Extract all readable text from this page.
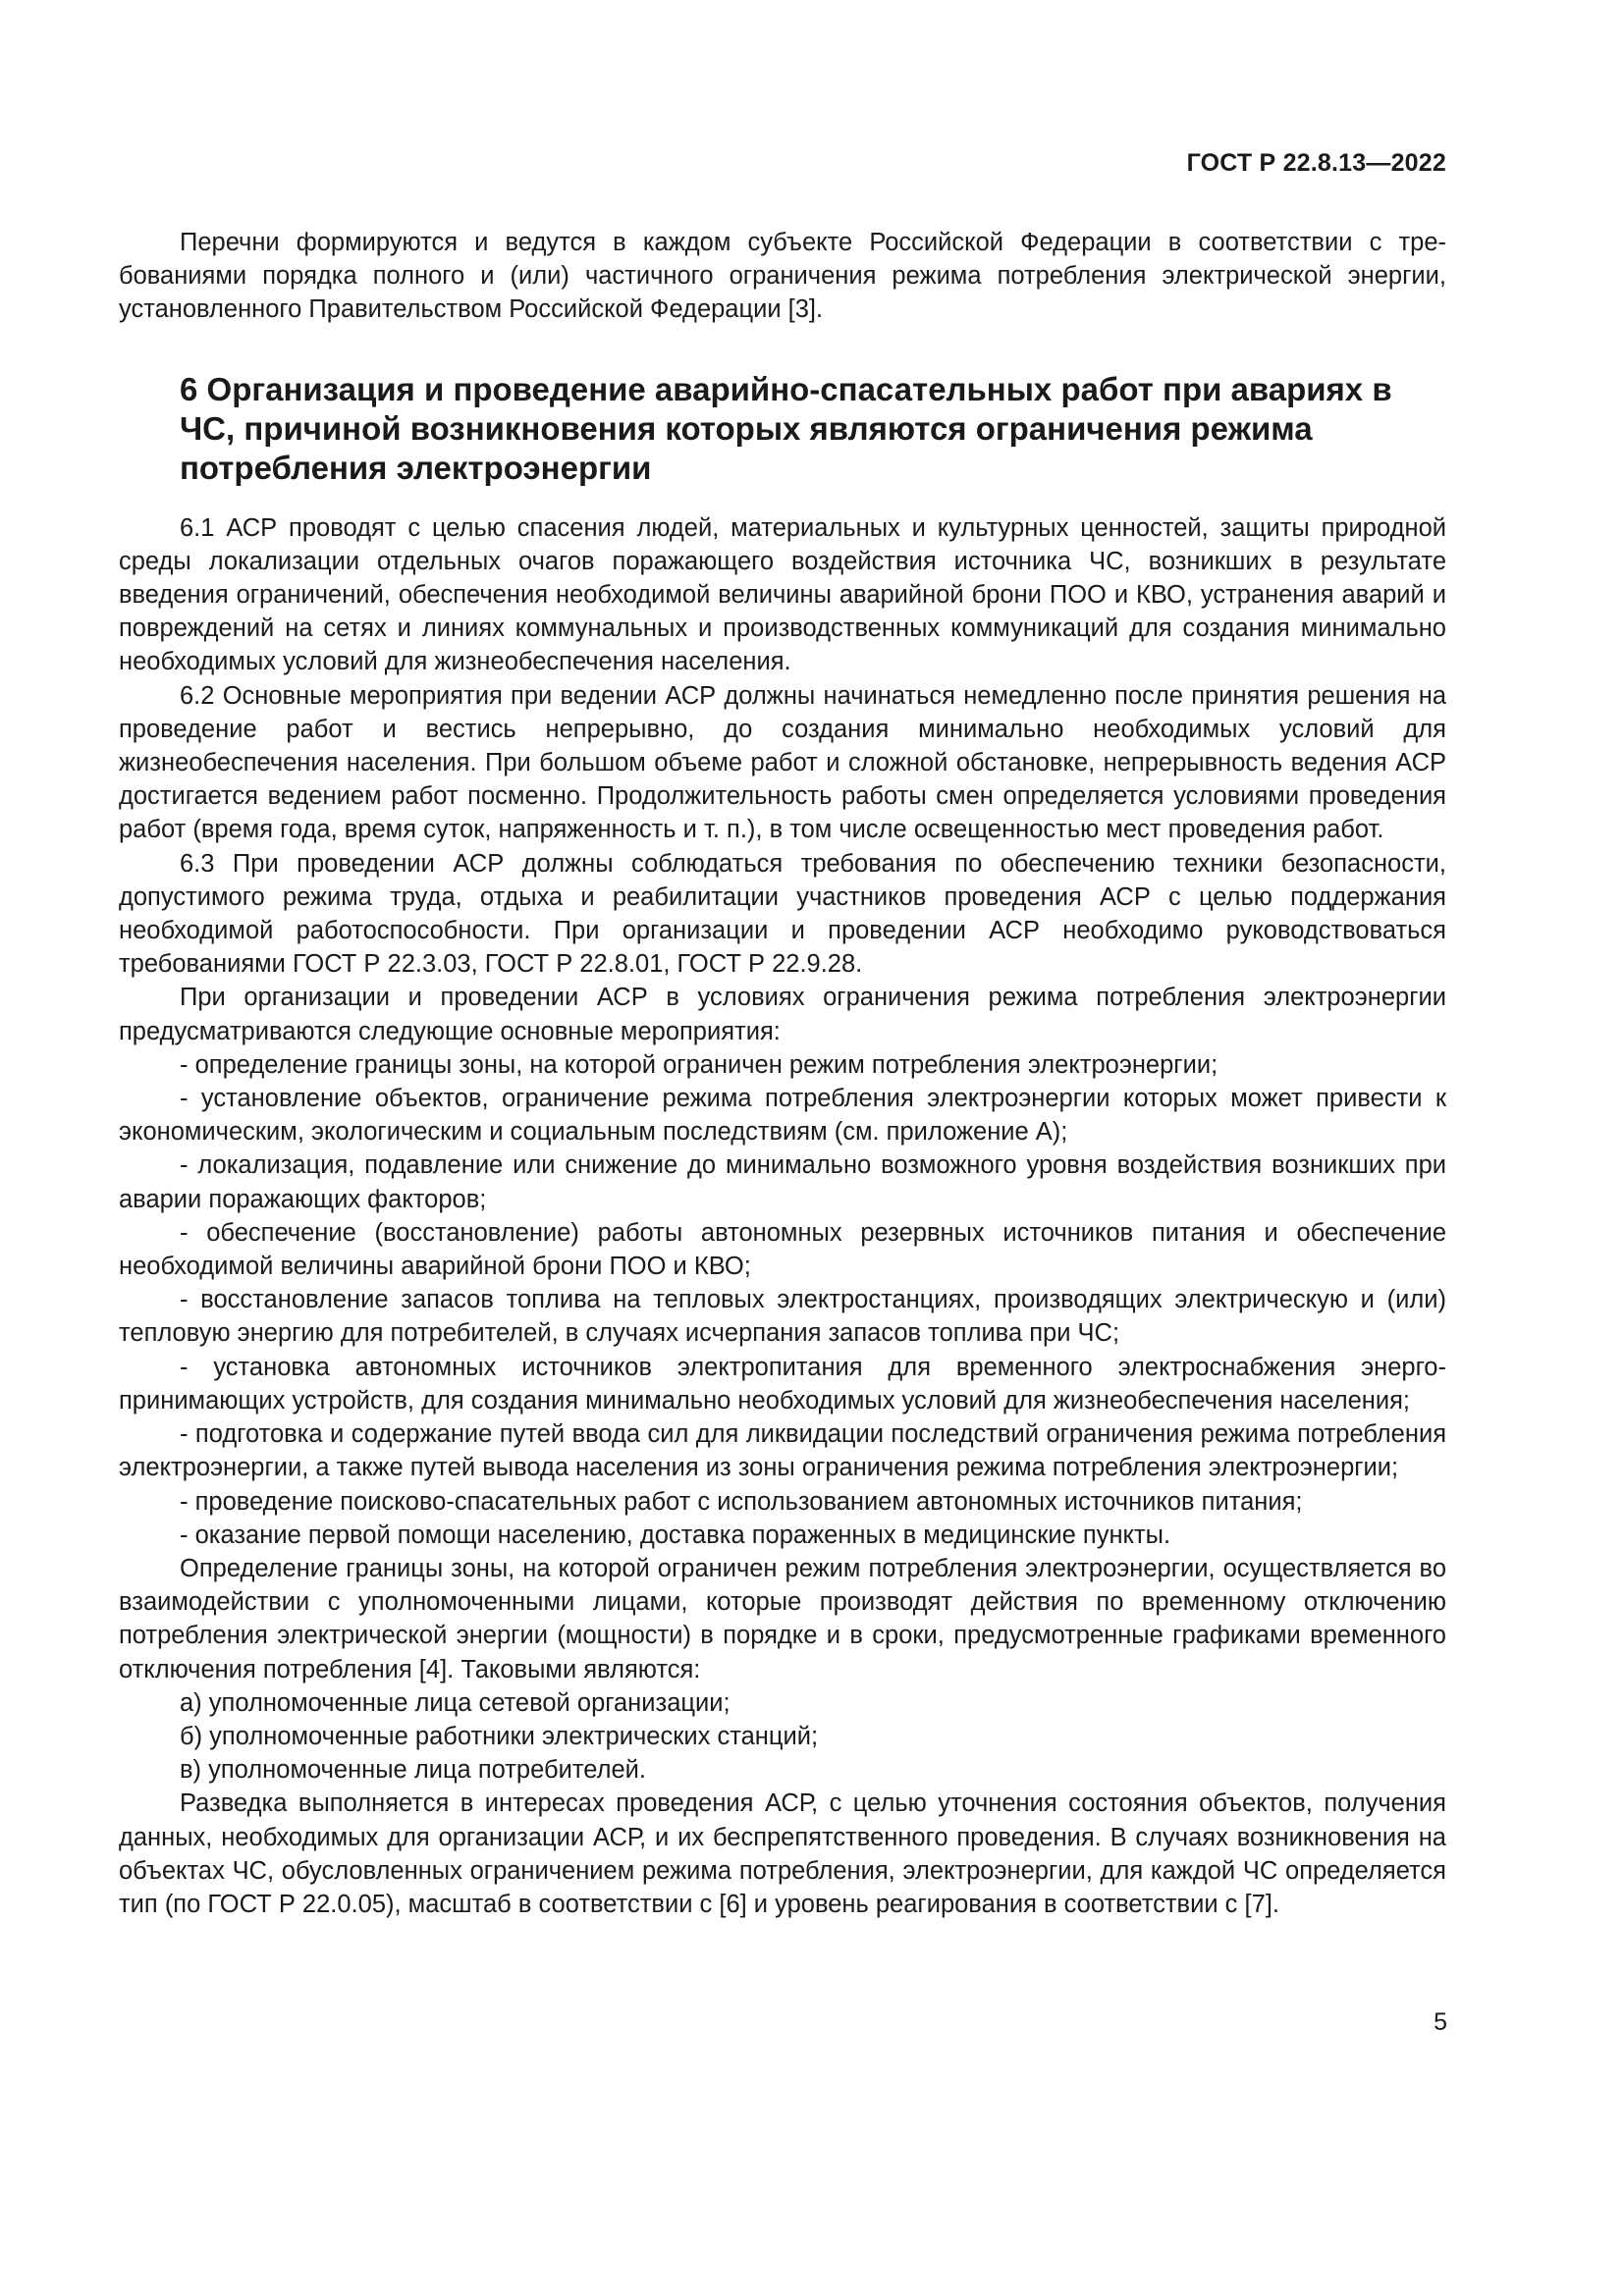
ГОСТ Р 22.8.13—2022

Перечни формируются и ведутся в каждом субъекте Российской Федерации в соответствии с требованиями порядка полного и (или) частичного ограничения режима потребления электрической энергии, установленного Правительством Российской Федерации [3].

6 Организация и проведение аварийно-спасательных работ при авариях в ЧС, причиной возникновения которых являются ограничения режима потребления электроэнергии

6.1 АСР проводят с целью спасения людей, материальных и культурных ценностей, защиты природной среды локализации отдельных очагов поражающего воздействия источника ЧС, возникших в результате введения ограничений, обеспечения необходимой величины аварийной брони ПОО и КВО, устранения аварий и повреждений на сетях и линиях коммунальных и производственных коммуникаций для создания минимально необходимых условий для жизнеобеспечения населения.

6.2 Основные мероприятия при ведении АСР должны начинаться немедленно после принятия решения на проведение работ и вестись непрерывно, до создания минимально необходимых условий для жизнеобеспечения населения. При большом объеме работ и сложной обстановке, непрерывность ведения АСР достигается ведением работ посменно. Продолжительность работы смен определяется условиями проведения работ (время года, время суток, напряженность и т. п.), в том числе освещенностью мест проведения работ.

6.3 При проведении АСР должны соблюдаться требования по обеспечению техники безопасности, допустимого режима труда, отдыха и реабилитации участников проведения АСР с целью поддержания необходимой работоспособности. При организации и проведении АСР необходимо руководствоваться требованиями ГОСТ Р 22.3.03, ГОСТ Р 22.8.01, ГОСТ Р 22.9.28.

При организации и проведении АСР в условиях ограничения режима потребления электроэнергии предусматриваются следующие основные мероприятия:

- определение границы зоны, на которой ограничен режим потребления электроэнергии;

- установление объектов, ограничение режима потребления электроэнергии которых может привести к экономическим, экологическим и социальным последствиям (см. приложение А);

- локализация, подавление или снижение до минимально возможного уровня воздействия возникших при аварии поражающих факторов;

- обеспечение (восстановление) работы автономных резервных источников питания и обеспечение необходимой величины аварийной брони ПОО и КВО;

- восстановление запасов топлива на тепловых электростанциях, производящих электрическую и (или) тепловую энергию для потребителей, в случаях исчерпания запасов топлива при ЧС;

- установка автономных источников электропитания для временного электроснабжения энергопринимающих устройств, для создания минимально необходимых условий для жизнеобеспечения населения;

- подготовка и содержание путей ввода сил для ликвидации последствий ограничения режима потребления электроэнергии, а также путей вывода населения из зоны ограничения режима потребления электроэнергии;

- проведение поисково-спасательных работ с использованием автономных источников питания;

- оказание первой помощи населению, доставка пораженных в медицинские пункты.

Определение границы зоны, на которой ограничен режим потребления электроэнергии, осуществляется во взаимодействии с уполномоченными лицами, которые производят действия по временному отключению потребления электрической энергии (мощности) в порядке и в сроки, предусмотренные графиками временного отключения потребления [4]. Таковыми являются:

а) уполномоченные лица сетевой организации;

б) уполномоченные работники электрических станций;

в) уполномоченные лица потребителей.

Разведка выполняется в интересах проведения АСР, с целью уточнения состояния объектов, получения данных, необходимых для организации АСР, и их беспрепятственного проведения. В случаях возникновения на объектах ЧС, обусловленных ограничением режима потребления, электроэнергии, для каждой ЧС определяется тип (по ГОСТ Р 22.0.05), масштаб в соответствии с [6] и уровень реагирования в соответствии с [7].

5
